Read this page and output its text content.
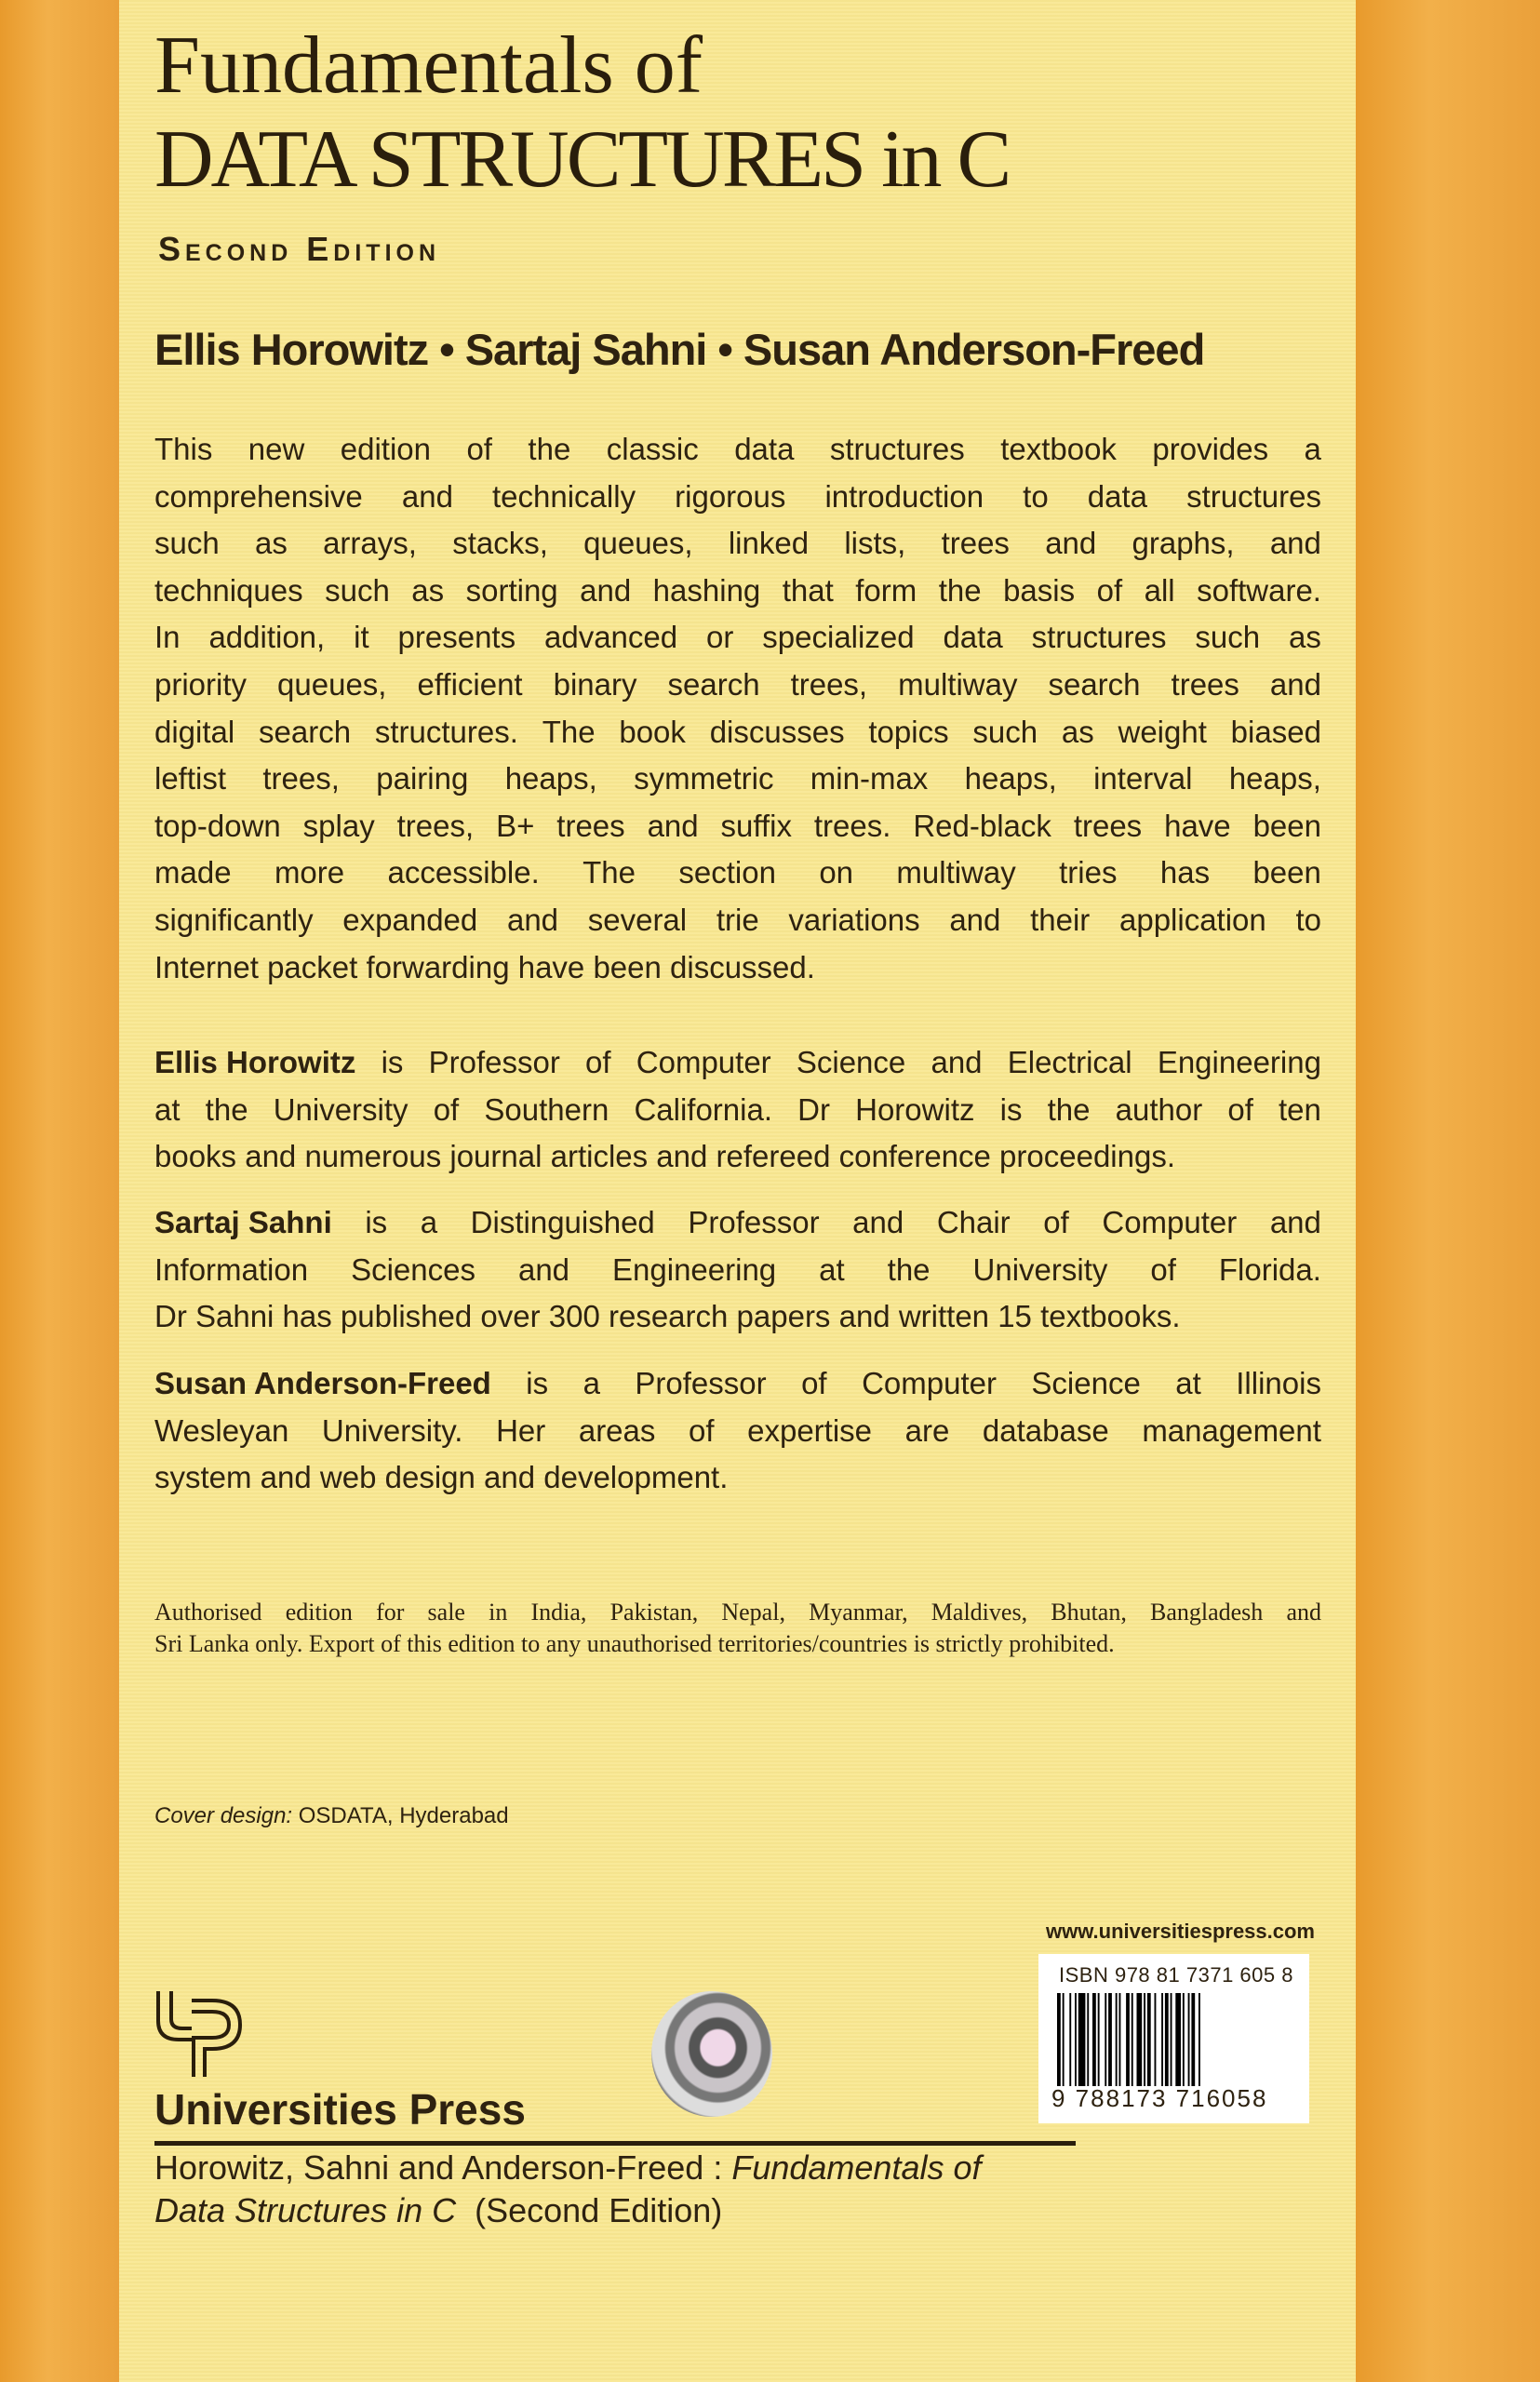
Fundamentals of
DATA STRUCTURES in C
Second Edition
Ellis Horowitz • Sartaj Sahni • Susan Anderson-Freed
This new edition of the classic data structures textbook provides a
comprehensive and technically rigorous introduction to data structures
such as arrays, stacks, queues, linked lists, trees and graphs, and
techniques such as sorting and hashing that form the basis of all software.
In addition, it presents advanced or specialized data structures such as
priority queues, efficient binary search trees, multiway search trees and
digital search structures. The book discusses topics such as weight biased
leftist trees, pairing heaps, symmetric min-max heaps, interval heaps,
top-down splay trees, B+ trees and suffix trees. Red-black trees have been
made more accessible. The section on multiway tries has been
significantly expanded and several trie variations and their application to
Internet packet forwarding have been discussed.
Ellis Horowitz is Professor of Computer Science and Electrical Engineering
at the University of Southern California. Dr Horowitz is the author of ten
books and numerous journal articles and refereed conference proceedings.
Sartaj Sahni is a Distinguished Professor and Chair of Computer and
Information Sciences and Engineering at the University of Florida.
Dr Sahni has published over 300 research papers and written 15 textbooks.
Susan Anderson-Freed is a Professor of Computer Science at Illinois
Wesleyan University. Her areas of expertise are database management
system and web design and development.
Authorised edition for sale in India, Pakistan, Nepal, Myanmar, Maldives, Bhutan, Bangladesh and
Sri Lanka only. Export of this edition to any unauthorised territories/countries is strictly prohibited.
Cover design: OSDATA, Hyderabad
www.universitiespress.com
ISBN 978 81 7371 605 8
9 788173 716058
Universities Press
Horowitz, Sahni and Anderson-Freed : Fundamentals of
Data Structures in C  (Second Edition)
